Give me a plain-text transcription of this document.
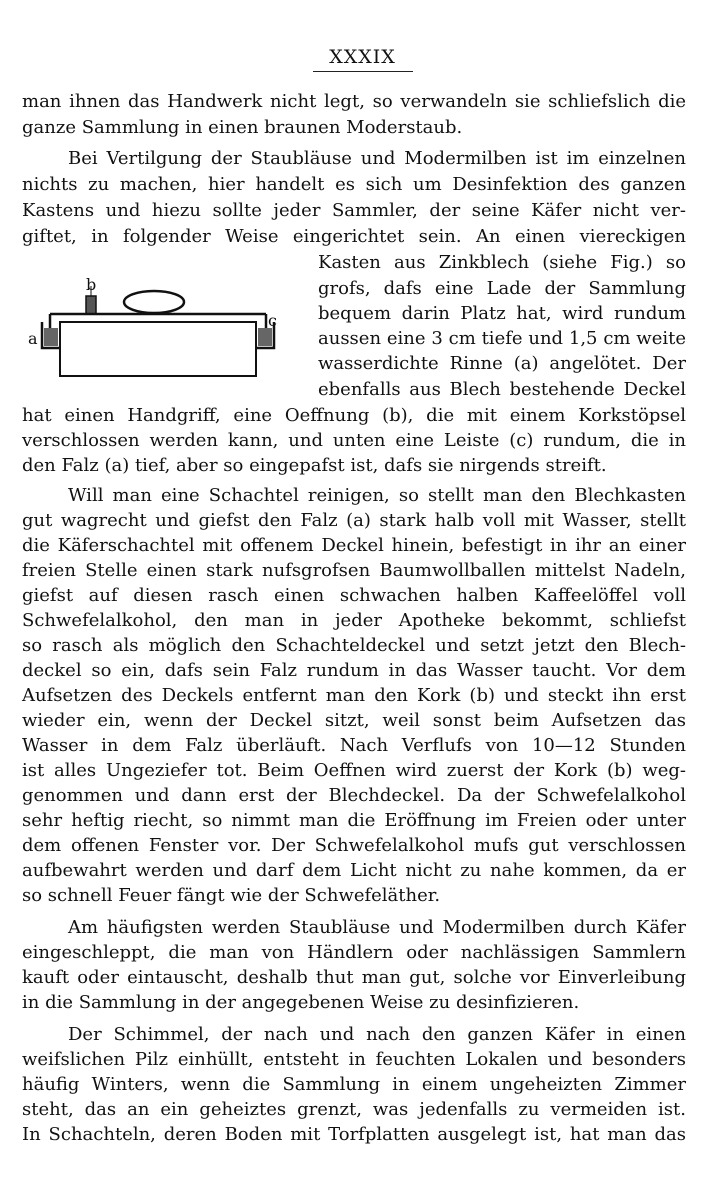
XXXIX
b
a
c
man ihnen das Handwerk nicht legt, so verwandeln sie schliefslich die
ganze Sammlung in einen braunen Moderstaub.
Bei Vertilgung der Staubläuse und Modermilben ist im einzelnen
nichts zu machen, hier handelt es sich um Desinfektion des ganzen
Kastens und hiezu sollte jeder Sammler, der seine Käfer nicht ver-
giftet, in folgender Weise eingerichtet sein. An einen viereckigen
Kasten aus Zinkblech (siehe Fig.) so
grofs, dafs eine Lade der Sammlung
bequem darin Platz hat, wird rundum
aussen eine 3 cm tiefe und 1,5 cm weite
wasserdichte Rinne (a) angelötet. Der
ebenfalls aus Blech bestehende Deckel
hat einen Handgriff, eine Oeffnung (b), die mit einem Korkstöpsel
verschlossen werden kann, und unten eine Leiste (c) rundum, die in
den Falz (a) tief, aber so eingepafst ist, dafs sie nirgends streift.
Will man eine Schachtel reinigen, so stellt man den Blechkasten
gut wagrecht und giefst den Falz (a) stark halb voll mit Wasser, stellt
die Käferschachtel mit offenem Deckel hinein, befestigt in ihr an einer
freien Stelle einen stark nufsgrofsen Baumwollballen mittelst Nadeln,
giefst auf diesen rasch einen schwachen halben Kaffeelöffel voll
Schwefelalkohol, den man in jeder Apotheke bekommt, schliefst
so rasch als möglich den Schachteldeckel und setzt jetzt den Blech-
deckel so ein, dafs sein Falz rundum in das Wasser taucht. Vor dem
Aufsetzen des Deckels entfernt man den Kork (b) und steckt ihn erst
wieder ein, wenn der Deckel sitzt, weil sonst beim Aufsetzen das
Wasser in dem Falz überläuft. Nach Verflufs von 10—12 Stunden
ist alles Ungeziefer tot. Beim Oeffnen wird zuerst der Kork (b) weg-
genommen und dann erst der Blechdeckel. Da der Schwefelalkohol
sehr heftig riecht, so nimmt man die Eröffnung im Freien oder unter
dem offenen Fenster vor. Der Schwefelalkohol mufs gut verschlossen
aufbewahrt werden und darf dem Licht nicht zu nahe kommen, da er
so schnell Feuer fängt wie der Schwefeläther.
Am häufigsten werden Staubläuse und Modermilben durch Käfer
eingeschleppt, die man von Händlern oder nachlässigen Sammlern
kauft oder eintauscht, deshalb thut man gut, solche vor Einverleibung
in die Sammlung in der angegebenen Weise zu desinfizieren.
Der Schimmel, der nach und nach den ganzen Käfer in einen
weifslichen Pilz einhüllt, entsteht in feuchten Lokalen und besonders
häufig Winters, wenn die Sammlung in einem ungeheizten Zimmer
steht, das an ein geheiztes grenzt, was jedenfalls zu vermeiden ist.
In Schachteln, deren Boden mit Torfplatten ausgelegt ist, hat man das
